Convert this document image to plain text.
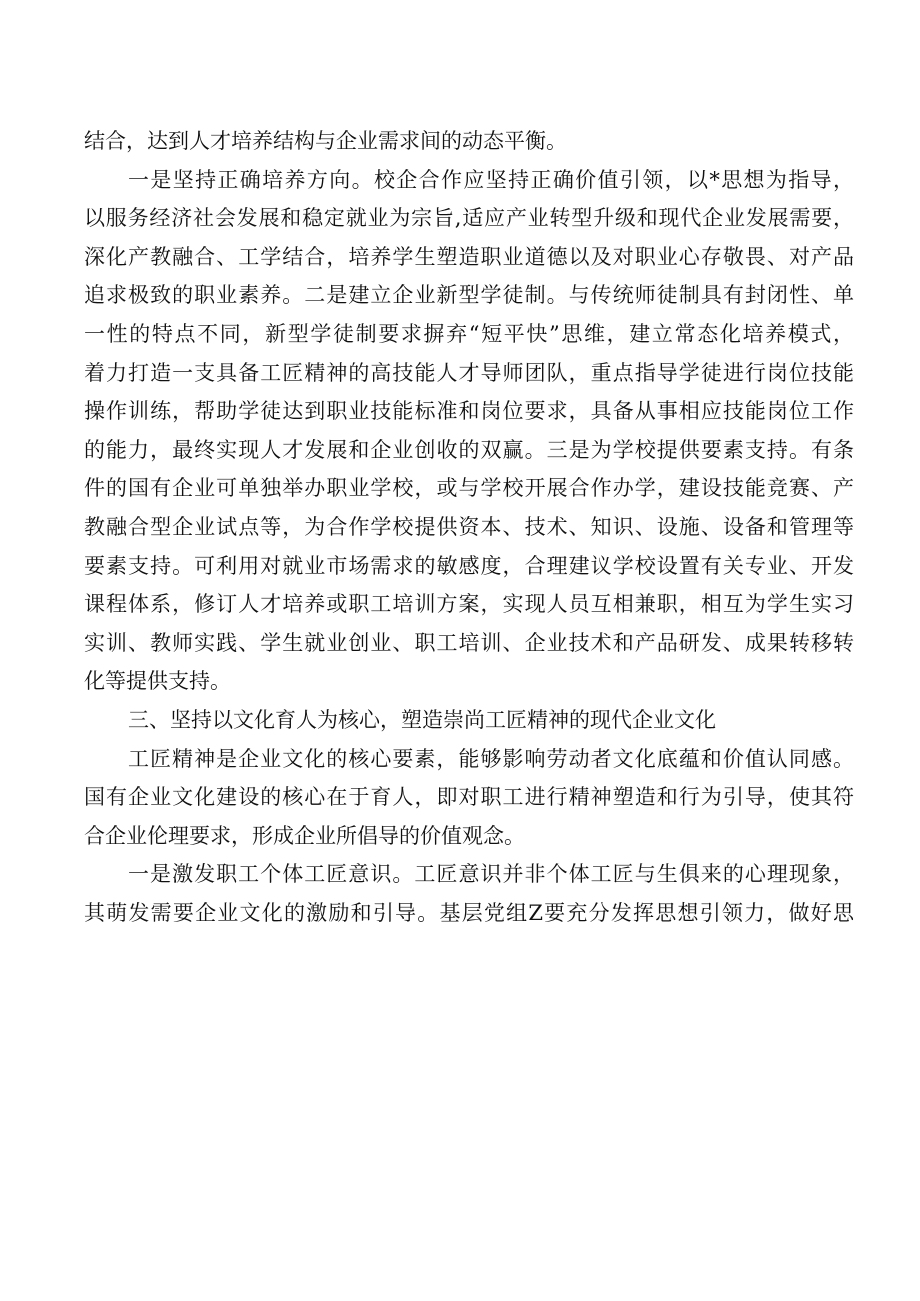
结合，达到人才培养结构与企业需求间的动态平衡。
一是坚持正确培养方向。校企合作应坚持正确价值引领，以*思想为指导，
以服务经济社会发展和稳定就业为宗旨,适应产业转型升级和现代企业发展需要，
深化产教融合、工学结合，培养学生塑造职业道德以及对职业心存敬畏、对产品
追求极致的职业素养。二是建立企业新型学徒制。与传统师徒制具有封闭性、单
一性的特点不同，新型学徒制要求摒弃“短平快”思维，建立常态化培养模式，
着力打造一支具备工匠精神的高技能人才导师团队，重点指导学徒进行岗位技能
操作训练，帮助学徒达到职业技能标准和岗位要求，具备从事相应技能岗位工作
的能力，最终实现人才发展和企业创收的双赢。三是为学校提供要素支持。有条
件的国有企业可单独举办职业学校，或与学校开展合作办学，建设技能竞赛、产
教融合型企业试点等，为合作学校提供资本、技术、知识、设施、设备和管理等
要素支持。可利用对就业市场需求的敏感度，合理建议学校设置有关专业、开发
课程体系，修订人才培养或职工培训方案，实现人员互相兼职，相互为学生实习
实训、教师实践、学生就业创业、职工培训、企业技术和产品研发、成果转移转
化等提供支持。
三、坚持以文化育人为核心，塑造崇尚工匠精神的现代企业文化
工匠精神是企业文化的核心要素，能够影响劳动者文化底蕴和价值认同感。
国有企业文化建设的核心在于育人，即对职工进行精神塑造和行为引导，使其符
合企业伦理要求，形成企业所倡导的价值观念。
一是激发职工个体工匠意识。工匠意识并非个体工匠与生俱来的心理现象，
其萌发需要企业文化的激励和引导。基层党组Z要充分发挥思想引领力，做好思
